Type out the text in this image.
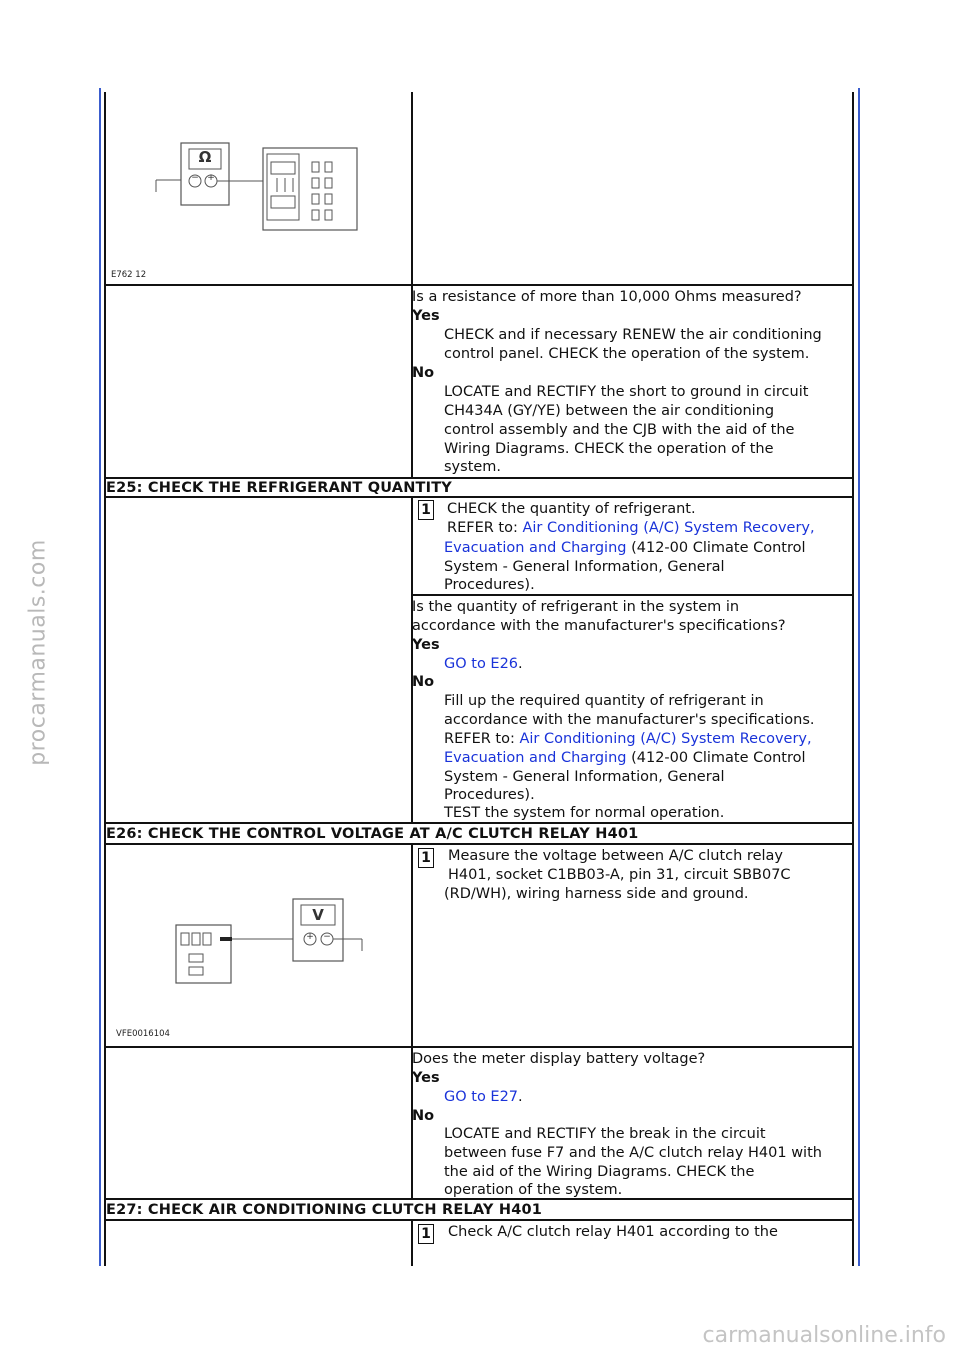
procarmanuals.com
carmanualsonline.info
Ω
− +
E762 12
Is a resistance of more than 10,000 Ohms measured?
Yes
CHECK and if necessary RENEW the air conditioning
control panel. CHECK the operation of the system.
No
LOCATE and RECTIFY the short to ground in circuit
CH434A (GY/YE) between the air conditioning
control assembly and the CJB with the aid of the
Wiring Diagrams. CHECK the operation of the
system.
E25: CHECK THE REFRIGERANT QUANTITY
1 CHECK the quantity of refrigerant.
REFER to: Air Conditioning (A/C) System Recovery,
Evacuation and Charging (412-00 Climate Control
System - General Information, General
Procedures).
Is the quantity of refrigerant in the system in
accordance with the manufacturer's specifications?
Yes
GO to E26.
No
Fill up the required quantity of refrigerant in
accordance with the manufacturer's specifications.
REFER to: Air Conditioning (A/C) System Recovery,
Evacuation and Charging (412-00 Climate Control
System - General Information, General
Procedures).
TEST the system for normal operation.
E26: CHECK THE CONTROL VOLTAGE AT A/C CLUTCH RELAY H401
1 Measure the voltage between A/C clutch relay
H401, socket C1BB03-A, pin 31, circuit SBB07C
(RD/WH), wiring harness side and ground.
V
+ −
VFE0016104
Does the meter display battery voltage?
Yes
GO to E27.
No
LOCATE and RECTIFY the break in the circuit
between fuse F7 and the A/C clutch relay H401 with
the aid of the Wiring Diagrams. CHECK the
operation of the system.
E27: CHECK AIR CONDITIONING CLUTCH RELAY H401
1 Check A/C clutch relay H401 according to the
